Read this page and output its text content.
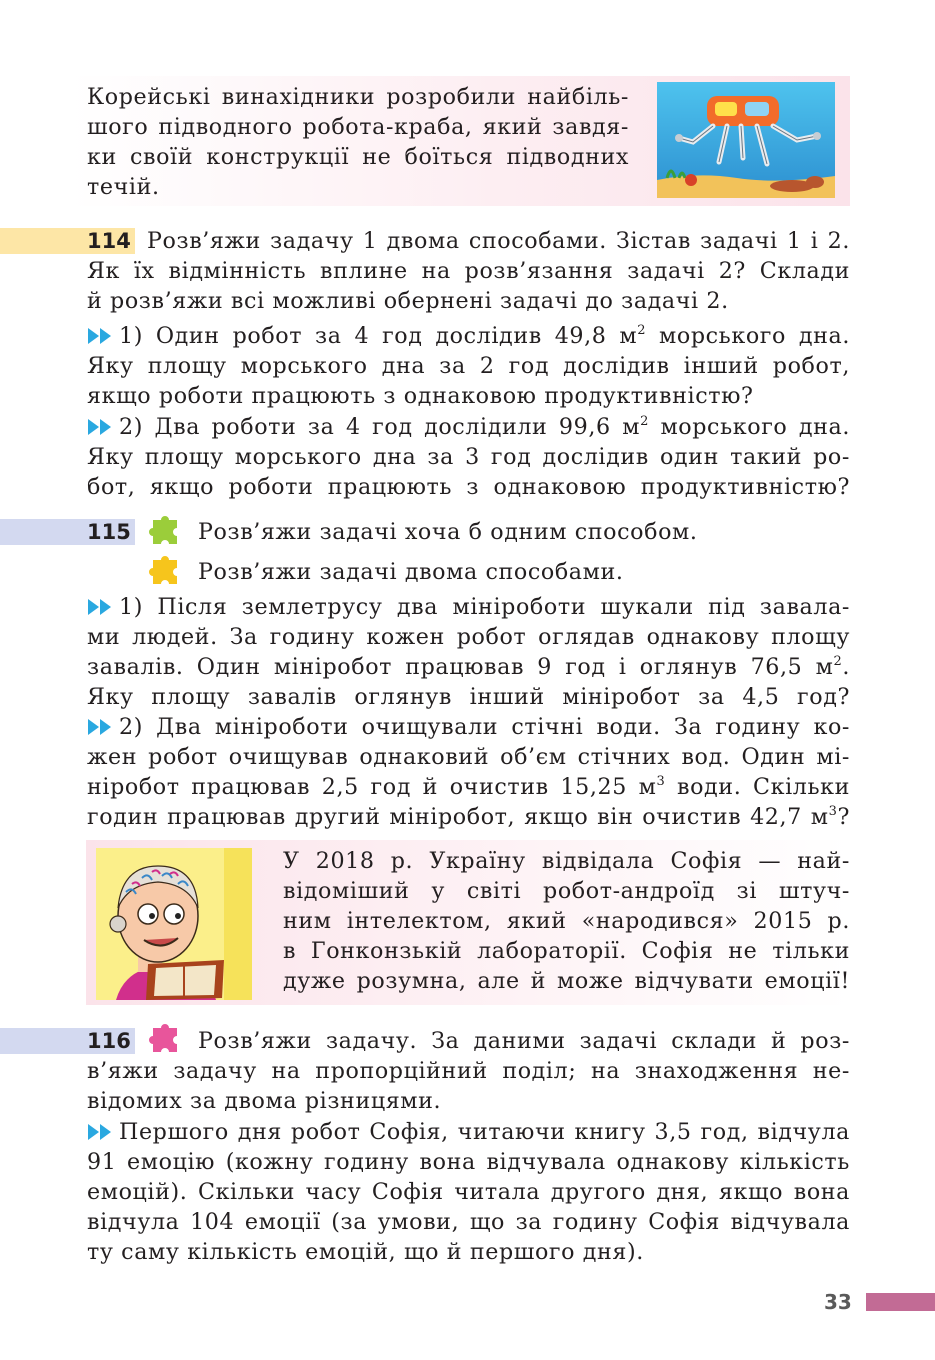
Корейські винахідники розробили найбіль-
шого підводного робота-краба, який завдя-
ки своїй конструкції не боїться підводних
течій.
114 Розв’яжи задачу 1 двома способами. Зістав задачі 1 і 2.
Як їх відмінність вплине на розв’язання задачі 2? Склади
й розв’яжи всі можливі обернені задачі до задачі 2.
1) Один робот за 4 год дослідив 49,8 $м^2$ морського дна.
Яку площу морського дна за 2 год дослідив інший робот,
якщо роботи працюють з однаковою продуктивністю?
2) Два роботи за 4 год дослідили 99,6 $м^2$ морського дна.
Яку площу морського дна за 3 год дослідив один такий ро-
бот, якщо роботи працюють з однаковою продуктивністю?
115	Розв’яжи задачі хоча б одним способом.
Розв’яжи задачі двома способами.
1) Після землетрусу два мініроботи шукали під завала-
ми людей. За годину кожен робот оглядав однакову площу
завалів. Один мініробот працював 9 год і оглянув 76,5 $м^2$.
Яку площу завалів оглянув інший мініробот за 4,5 год?
2) Два мініроботи очищували стічні води. За годину ко-
жен робот очищував однаковий об’єм стічних вод. Один мі-
ніробот працював 2,5 год й очистив 15,25 $м^3$ води. Скільки
годин працював другий мініробот, якщо він очистив 42,7 $м^3$?
У 2018 р. Україну відвідала Софія — най-
відоміший у світі робот-андроїд зі штуч-
ним інтелектом, який «народився» 2015 р.
в Гонконзькій лабораторії. Софія не тільки
дуже розумна, але й може відчувати емоції!
116	Розв’яжи задачу. За даними задачі склади й роз-
в’яжи задачу на пропорційний поділ; на знаходження не-
відомих за двома різницями.
Першого дня робот Софія, читаючи книгу 3,5 год, відчула
91 емоцію (кожну годину вона відчувала однакову кількість
емоцій). Скільки часу Софія читала другого дня, якщо вона
відчула 104 емоції (за умови, що за годину Софія відчувала
ту саму кількість емоцій, що й першого дня).
33
